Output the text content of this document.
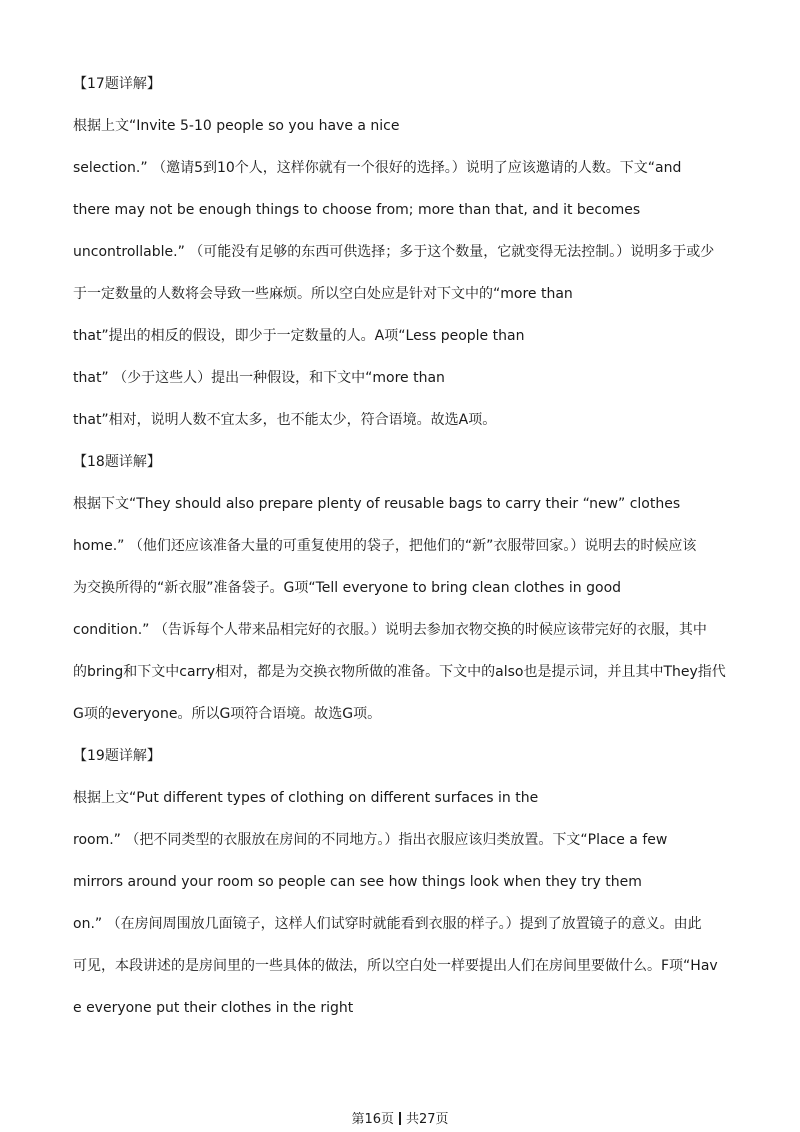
【17题详解】
根据上文“Invite 5-10 people so you have a nice
selection.” （邀请5到10个人，这样你就有一个很好的选择。）说明了应该邀请的人数。下文“and
there may not be enough things to choose from; more than that, and it becomes
uncontrollable.” （可能没有足够的东西可供选择；多于这个数量，它就变得无法控制。）说明多于或少
于一定数量的人数将会导致一些麻烦。所以空白处应是针对下文中的“more than
that”提出的相反的假设，即少于一定数量的人。A项“Less people than
that” （少于这些人）提出一种假设，和下文中“more than
that”相对，说明人数不宜太多，也不能太少，符合语境。故选A项。
【18题详解】
根据下文“They should also prepare plenty of reusable bags to carry their “new” clothes
home.” （他们还应该准备大量的可重复使用的袋子，把他们的“新”衣服带回家。）说明去的时候应该
为交换所得的“新衣服”准备袋子。G项“Tell everyone to bring clean clothes in good
condition.” （告诉每个人带来品相完好的衣服。）说明去参加衣物交换的时候应该带完好的衣服，其中
的bring和下文中carry相对，都是为交换衣物所做的准备。下文中的also也是提示词，并且其中They指代
G项的everyone。所以G项符合语境。故选G项。
【19题详解】
根据上文“Put different types of clothing on different surfaces in the
room.” （把不同类型的衣服放在房间的不同地方。）指出衣服应该归类放置。下文“Place a few
mirrors around your room so people can see how things look when they try them
on.” （在房间周围放几面镜子，这样人们试穿时就能看到衣服的样子。）提到了放置镜子的意义。由此
可见，本段讲述的是房间里的一些具体的做法，所以空白处一样要提出人们在房间里要做什么。F项“Hav
e everyone put their clothes in the right
第16页 共27页
